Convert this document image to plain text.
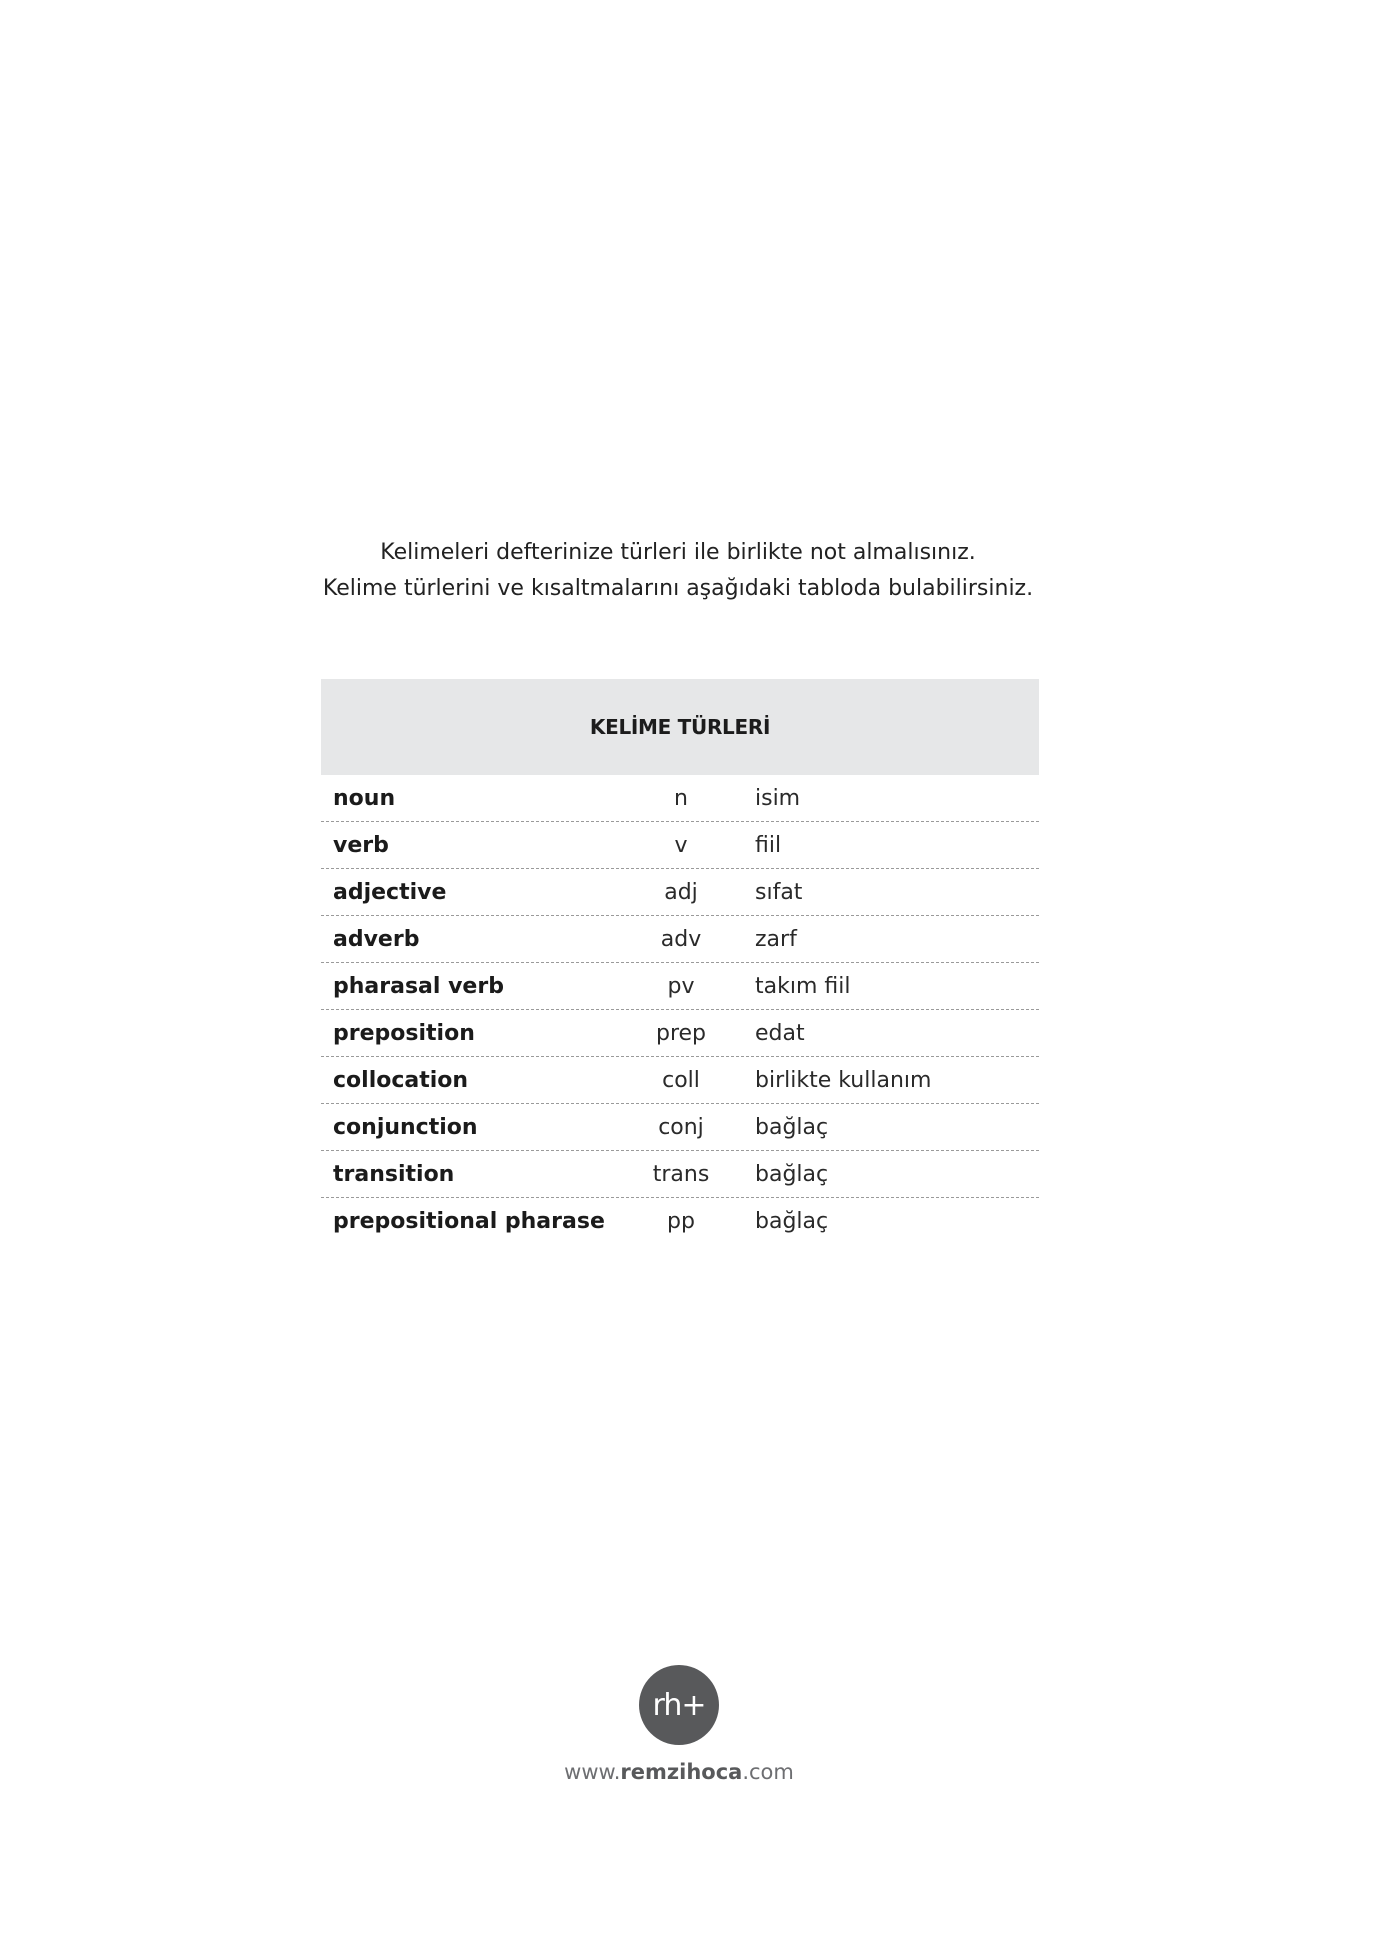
Kelimeleri defterinize türleri ile birlikte not almalısınız.

Kelime türlerini ve kısaltmalarını aşağıdaki tabloda bulabilirsiniz.

KELİME TÜRLERİ
noun	n	isim
verb	v	fiil
adjective	adj	sıfat
adverb	adv	zarf
pharasal verb	pv	takım fiil
preposition	prep	edat
collocation	coll	birlikte kullanım
conjunction	conj	bağlaç
transition	trans	bağlaç
prepositional pharase	pp	bağlaç
rh+
www.remzihoca.com
